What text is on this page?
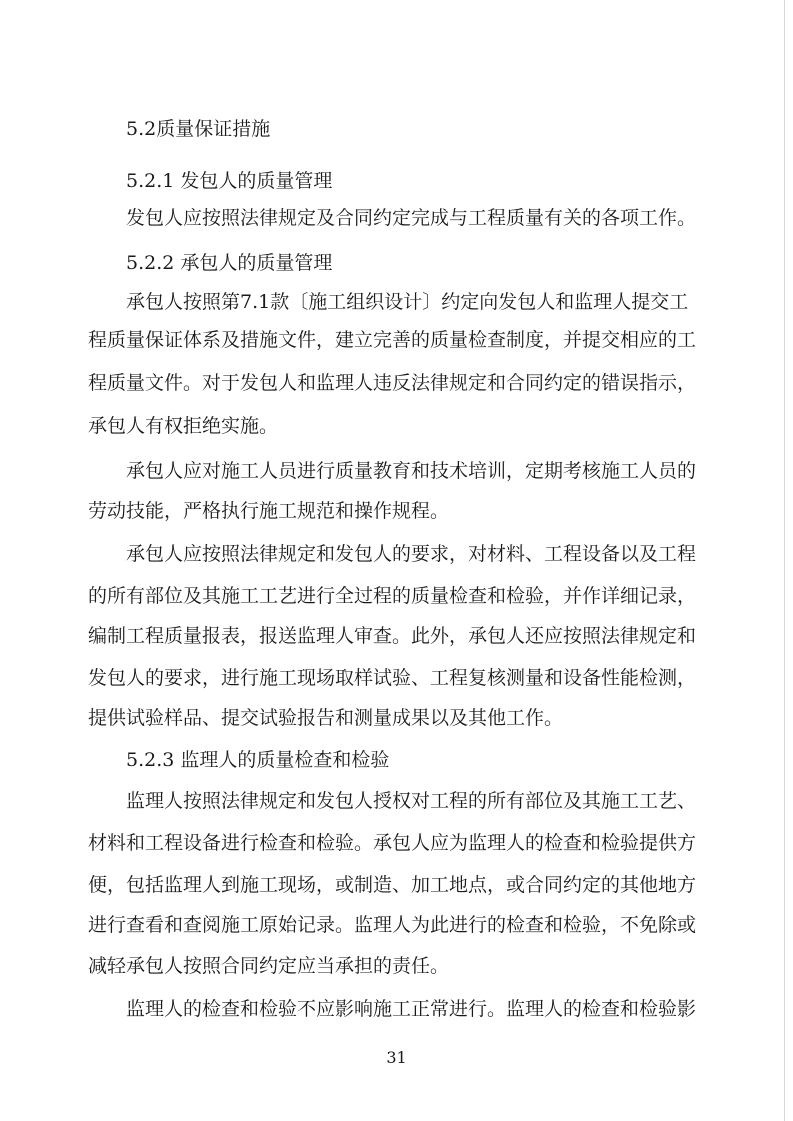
5.2质量保证措施
5.2.1 发包人的质量管理
发包人应按照法律规定及合同约定完成与工程质量有关的各项工作。
5.2.2 承包人的质量管理
承包人按照第7.1款〔施工组织设计〕约定向发包人和监理人提交工
程质量保证体系及措施文件，建立完善的质量检查制度，并提交相应的工
程质量文件。对于发包人和监理人违反法律规定和合同约定的错误指示，
承包人有权拒绝实施。
承包人应对施工人员进行质量教育和技术培训，定期考核施工人员的
劳动技能，严格执行施工规范和操作规程。
承包人应按照法律规定和发包人的要求，对材料、工程设备以及工程
的所有部位及其施工工艺进行全过程的质量检查和检验，并作详细记录，
编制工程质量报表，报送监理人审查。此外，承包人还应按照法律规定和
发包人的要求，进行施工现场取样试验、工程复核测量和设备性能检测，
提供试验样品、提交试验报告和测量成果以及其他工作。
5.2.3 监理人的质量检查和检验
监理人按照法律规定和发包人授权对工程的所有部位及其施工工艺、
材料和工程设备进行检查和检验。承包人应为监理人的检查和检验提供方
便，包括监理人到施工现场，或制造、加工地点，或合同约定的其他地方
进行查看和查阅施工原始记录。监理人为此进行的检查和检验，不免除或
减轻承包人按照合同约定应当承担的责任。
监理人的检查和检验不应影响施工正常进行。监理人的检查和检验影
31
